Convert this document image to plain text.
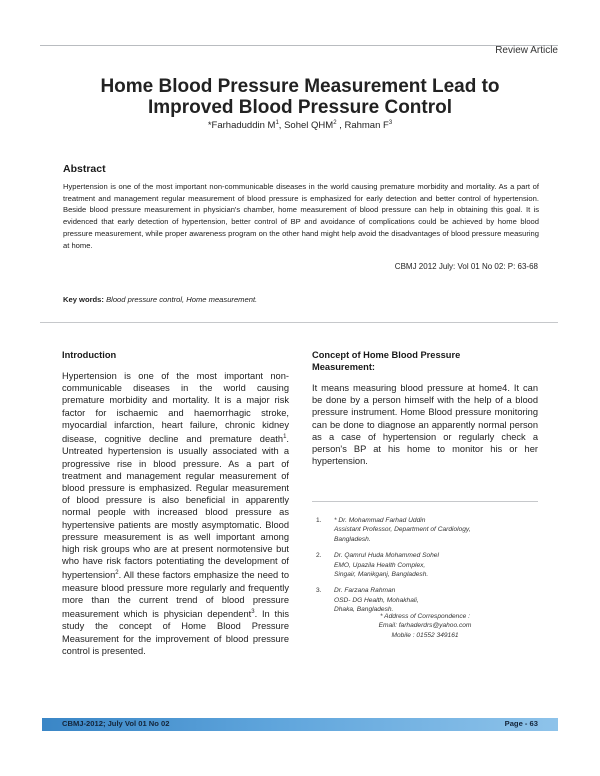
Review Article
Home Blood Pressure Measurement Lead to
Improved Blood Pressure Control
*Farhaduddin $M^1$, Sohel QHM$^2$ , Rahman $F^3$
Abstract
Hypertension is one of the most important non-communicable diseases in the world causing premature morbidity and mortality. As a part of treatment and management regular measurement of blood pressure is emphasized for early detection and better control of hypertension. Beside blood pressure measurement in physician's chamber, home measurement of blood pressure can help in obtaining this goal. It is evidenced that early detection of hypertension, better control of BP and avoidance of complications could be achieved by home blood pressure measurement, while proper awareness program on the other hand might help avoid the disadvantages of blood pressure measuring at home.
CBMJ 2012 July: Vol 01 No 02: P: 63-68
Key words: Blood pressure control, Home measurement.
Introduction
Hypertension is one of the most important non-communicable diseases in the world causing premature morbidity and mortality. It is a major risk factor for ischaemic and haemorrhagic stroke, myocardial infarction, heart failure, chronic kidney disease, cognitive decline and premature death$^1$. Untreated hypertension is usually associated with a progressive rise in blood pressure. As a part of treatment and management regular measurement of blood pressure is emphasized. Regular measurement of blood pressure is also beneficial in apparently normal people with increased blood pressure as hypertensive patients are mostly asymptomatic. Blood pressure measurement is as well important among high risk groups who are at present normotensive but who have risk factors potentiating the development of hypertension$^2$. All these factors emphasize the need to measure blood pressure more regularly and frequently more than the current trend of blood pressure measurement which is physician dependent$^3$. In this study the concept of Home Blood Pressure Measurement for the improvement of blood pressure control is presented.
Concept of Home Blood Pressure
Measurement:
It means measuring blood pressure at home4. It can be done by a person himself with the help of a blood pressure instrument. Home Blood pressure monitoring can be done to diagnose an apparently normal person as a case of hypertension or regularly check a person's BP at his home to monitor his or her hypertension.
1.	* Dr. Mohammad Farhad Uddin
Assistant Professor, Department of Cardiology,
Bangladesh.
2.	Dr. Qamrul Huda Mohammed Sohel
EMO, Upazila Health Complex,
Singair, Manikganj, Bangladesh.
3.	Dr. Farzana Rahman
OSD- DG Health, Mohakhali,
Dhaka, Bangladesh.
* Address of Correspondence :
Email: farhaderdrs@yahoo.com
Mobile : 01552 349161
CBMJ-2012; July Vol 01 No 02	Page - 63
